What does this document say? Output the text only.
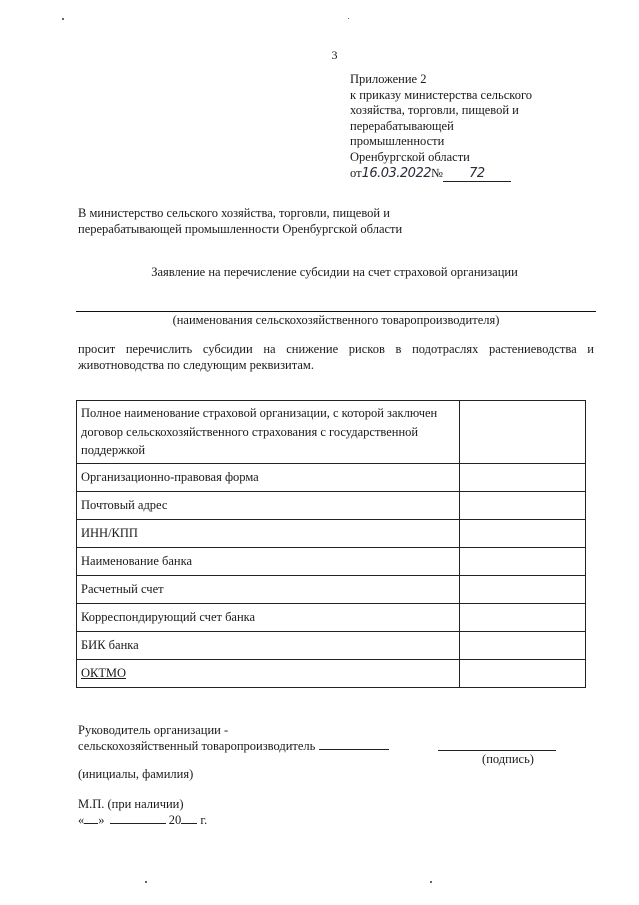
3
Приложение 2
к приказу министерства сельского
хозяйства, торговли, пищевой и
перерабатывающей
промышленности
Оренбургской области
от16.03.2022№ 72
В министерство сельского хозяйства, торговли, пищевой и
перерабатывающей промышленности Оренбургской области
Заявление на перечисление субсидии на счет страховой организации
(наименования сельскохозяйственного товаропроизводителя)
просит перечислить субсидии на снижение рисков в подотраслях растениеводства и животноводства по следующим реквизитам.
Полное наименование страховой организации, с которой заключен договор сельскохозяйственного страхования с государственной поддержкой	
Организационно-правовая форма	
Почтовый адрес	
ИНН/КПП	
Наименование банка	
Расчетный счет	
Корреспондирующий счет банка	
БИК банка	
ОКТМО	
Руководитель организации -
сельскохозяйственный товаропроизводитель
(подпись)
(инициалы, фамилия)
М.П. (при наличии)
« »	20 г.
